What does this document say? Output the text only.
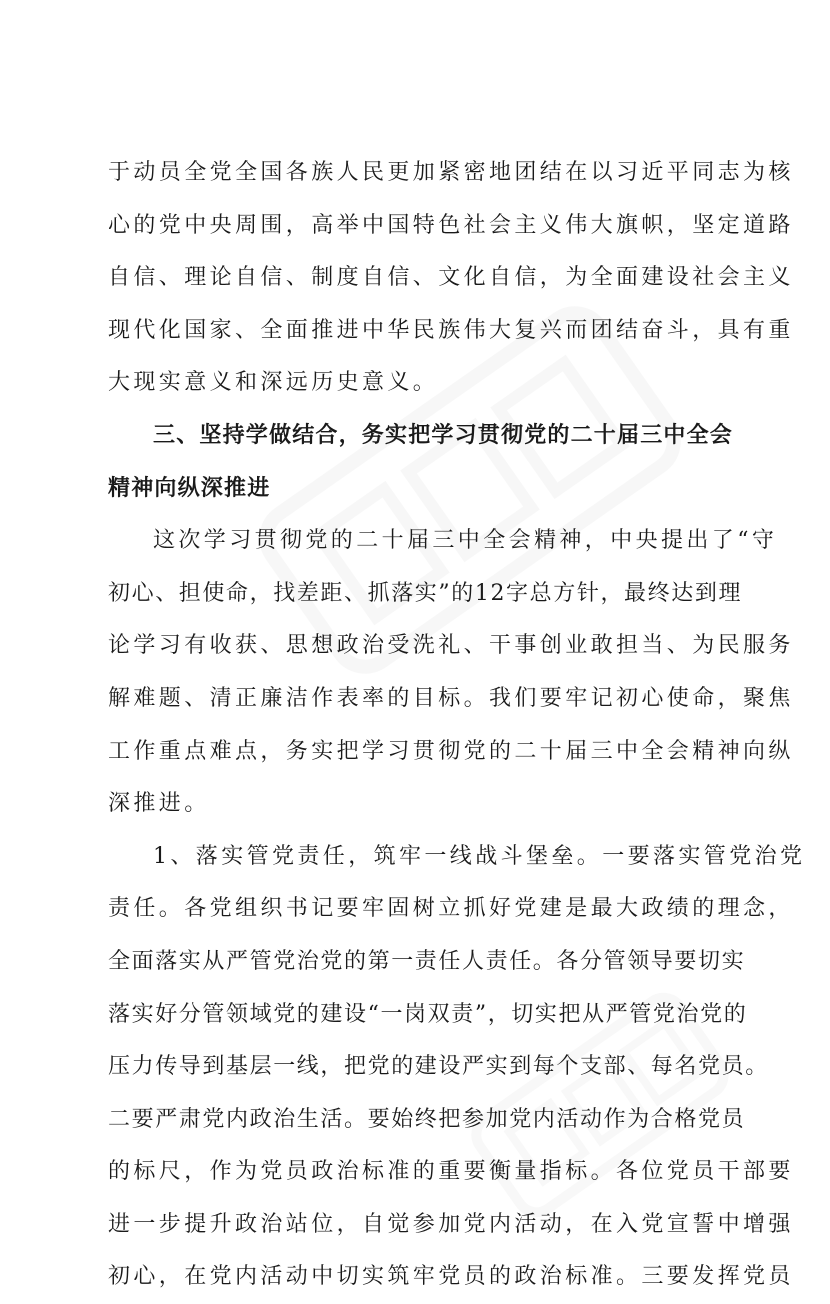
于动员全党全国各族人民更加紧密地团结在以习近平同志为核
心的党中央周围，高举中国特色社会主义伟大旗帜，坚定道路
自信、理论自信、制度自信、文化自信，为全面建设社会主义
现代化国家、全面推进中华民族伟大复兴而团结奋斗，具有重
大现实意义和深远历史意义。
三、坚持学做结合，务实把学习贯彻党的二十届三中全会
精神向纵深推进
这次学习贯彻党的二十届三中全会精神，中央提出了“守
初心、担使命，找差距、抓落实”的12字总方针，最终达到理
论学习有收获、思想政治受洗礼、干事创业敢担当、为民服务
解难题、清正廉洁作表率的目标。我们要牢记初心使命，聚焦
工作重点难点，务实把学习贯彻党的二十届三中全会精神向纵
深推进。
1、落实管党责任，筑牢一线战斗堡垒。一要落实管党治党
责任。各党组织书记要牢固树立抓好党建是最大政绩的理念，
全面落实从严管党治党的第一责任人责任。各分管领导要切实
落实好分管领域党的建设“一岗双责”，切实把从严管党治党的
压力传导到基层一线，把党的建设严实到每个支部、每名党员。
二要严肃党内政治生活。要始终把参加党内活动作为合格党员
的标尺，作为党员政治标准的重要衡量指标。各位党员干部要
进一步提升政治站位，自觉参加党内活动，在入党宣誓中增强
初心，在党内活动中切实筑牢党员的政治标准。三要发挥党员
